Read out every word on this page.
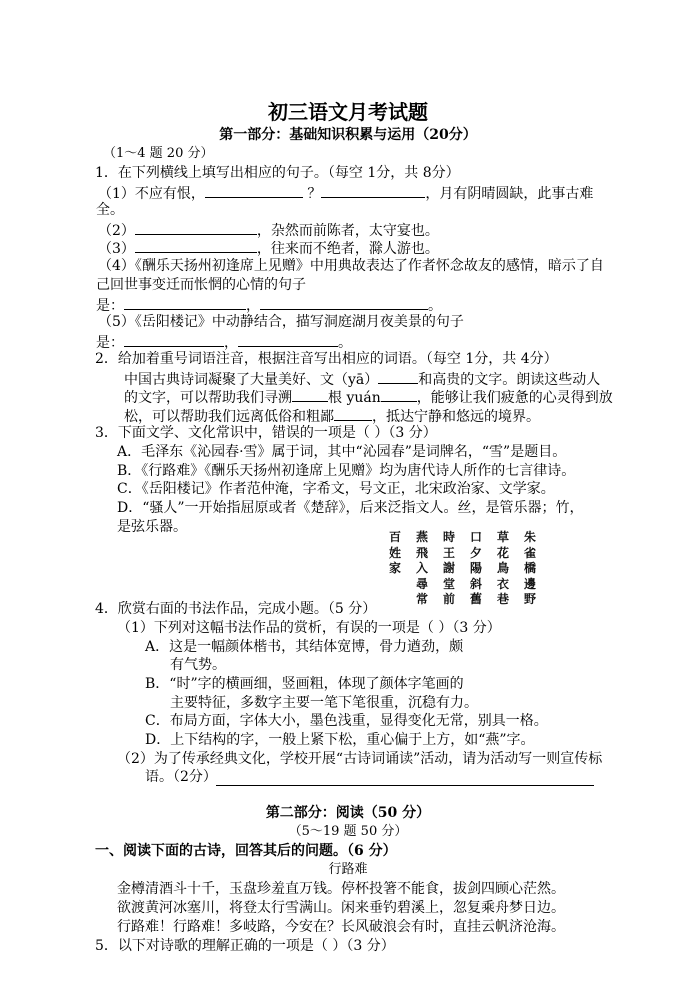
初三语文月考试题
第一部分：基础知识积累与运用（20分）
（1～4 题 20 分）
1．在下列横线上填写出相应的句子。（每空 1分，共 8分）
（1）不应有恨，	？	，月有阴晴圆缺，此事古难
全。
（2）	，杂然而前陈者，太守宴也。
（3）	，往来而不绝者，滁人游也。
（4）《酬乐天扬州初逢席上见赠》中用典故表达了作者怀念故友的感情，暗示了自
己回世事变迁而怅惘的心情的句子
是：	，	。
（5）《岳阳楼记》中动静结合，描写洞庭湖月夜美景的句子
是：	，	。
2．给加着重号词语注音，根据注音写出相应的词语。（每空 1分，共 4分）
中国古典诗词凝聚了大量美好、文（yā）	和高贵的文字。朗读这些动人
的文字，可以帮助我们寻溯	根 yuán	，能够让我们疲惫的心灵得到放
松，可以帮助我们远离低俗和粗鄙	，抵达宁静和悠远的境界。
3．下面文学、文化常识中，错误的一项是（ ）（3 分）
A．毛泽东《沁园春·雪》属于词，其中“沁园春”是词牌名，“雪”是题目。
B．《行路难》《酬乐天扬州初逢席上见赠》均为唐代诗人所作的七言律诗。
C．《岳阳楼记》作者范仲淹，字希文，号文正，北宋政治家、文学家。
D．“骚人”一开始指屈原或者《楚辞》，后来泛指文人。丝，是管乐器；竹，
是弦乐器。
百姓家
燕飛入尋常
時王謝堂前
口夕陽斜舊
草花鳥衣巷
朱雀橋邊野
4．欣赏右面的书法作品，完成小题。（5 分）
（1）下列对这幅书法作品的赏析，有误的一项是（ ）（3 分）
A．这是一幅颜体楷书，其结体宽博，骨力遒劲，颇
有气势。
B．“时”字的横画细，竖画粗，体现了颜体字笔画的
主要特征，多数字主要一笔下笔很重，沉稳有力。
C．布局方面，字体大小，墨色浅重，显得变化无常，别具一格。
D．上下结构的字，一般上紧下松，重心偏于上方，如“燕”字。
（2）为了传承经典文化，学校开展“古诗词诵读”活动，请为活动写一则宣传标
语。（2分）
第二部分：阅读（50 分）
（5～19 题 50 分）
一、阅读下面的古诗，回答其后的问题。（6 分）
行路难
金樽清酒斗十千，玉盘珍羞直万钱。停杯投箸不能食，拔剑四顾心茫然。
欲渡黄河冰塞川，将登太行雪满山。闲来垂钓碧溪上，忽复乘舟梦日边。
行路难！行路难！多岐路，今安在？长风破浪会有时，直挂云帆济沧海。
5．以下对诗歌的理解正确的一项是（ ）（3 分）
